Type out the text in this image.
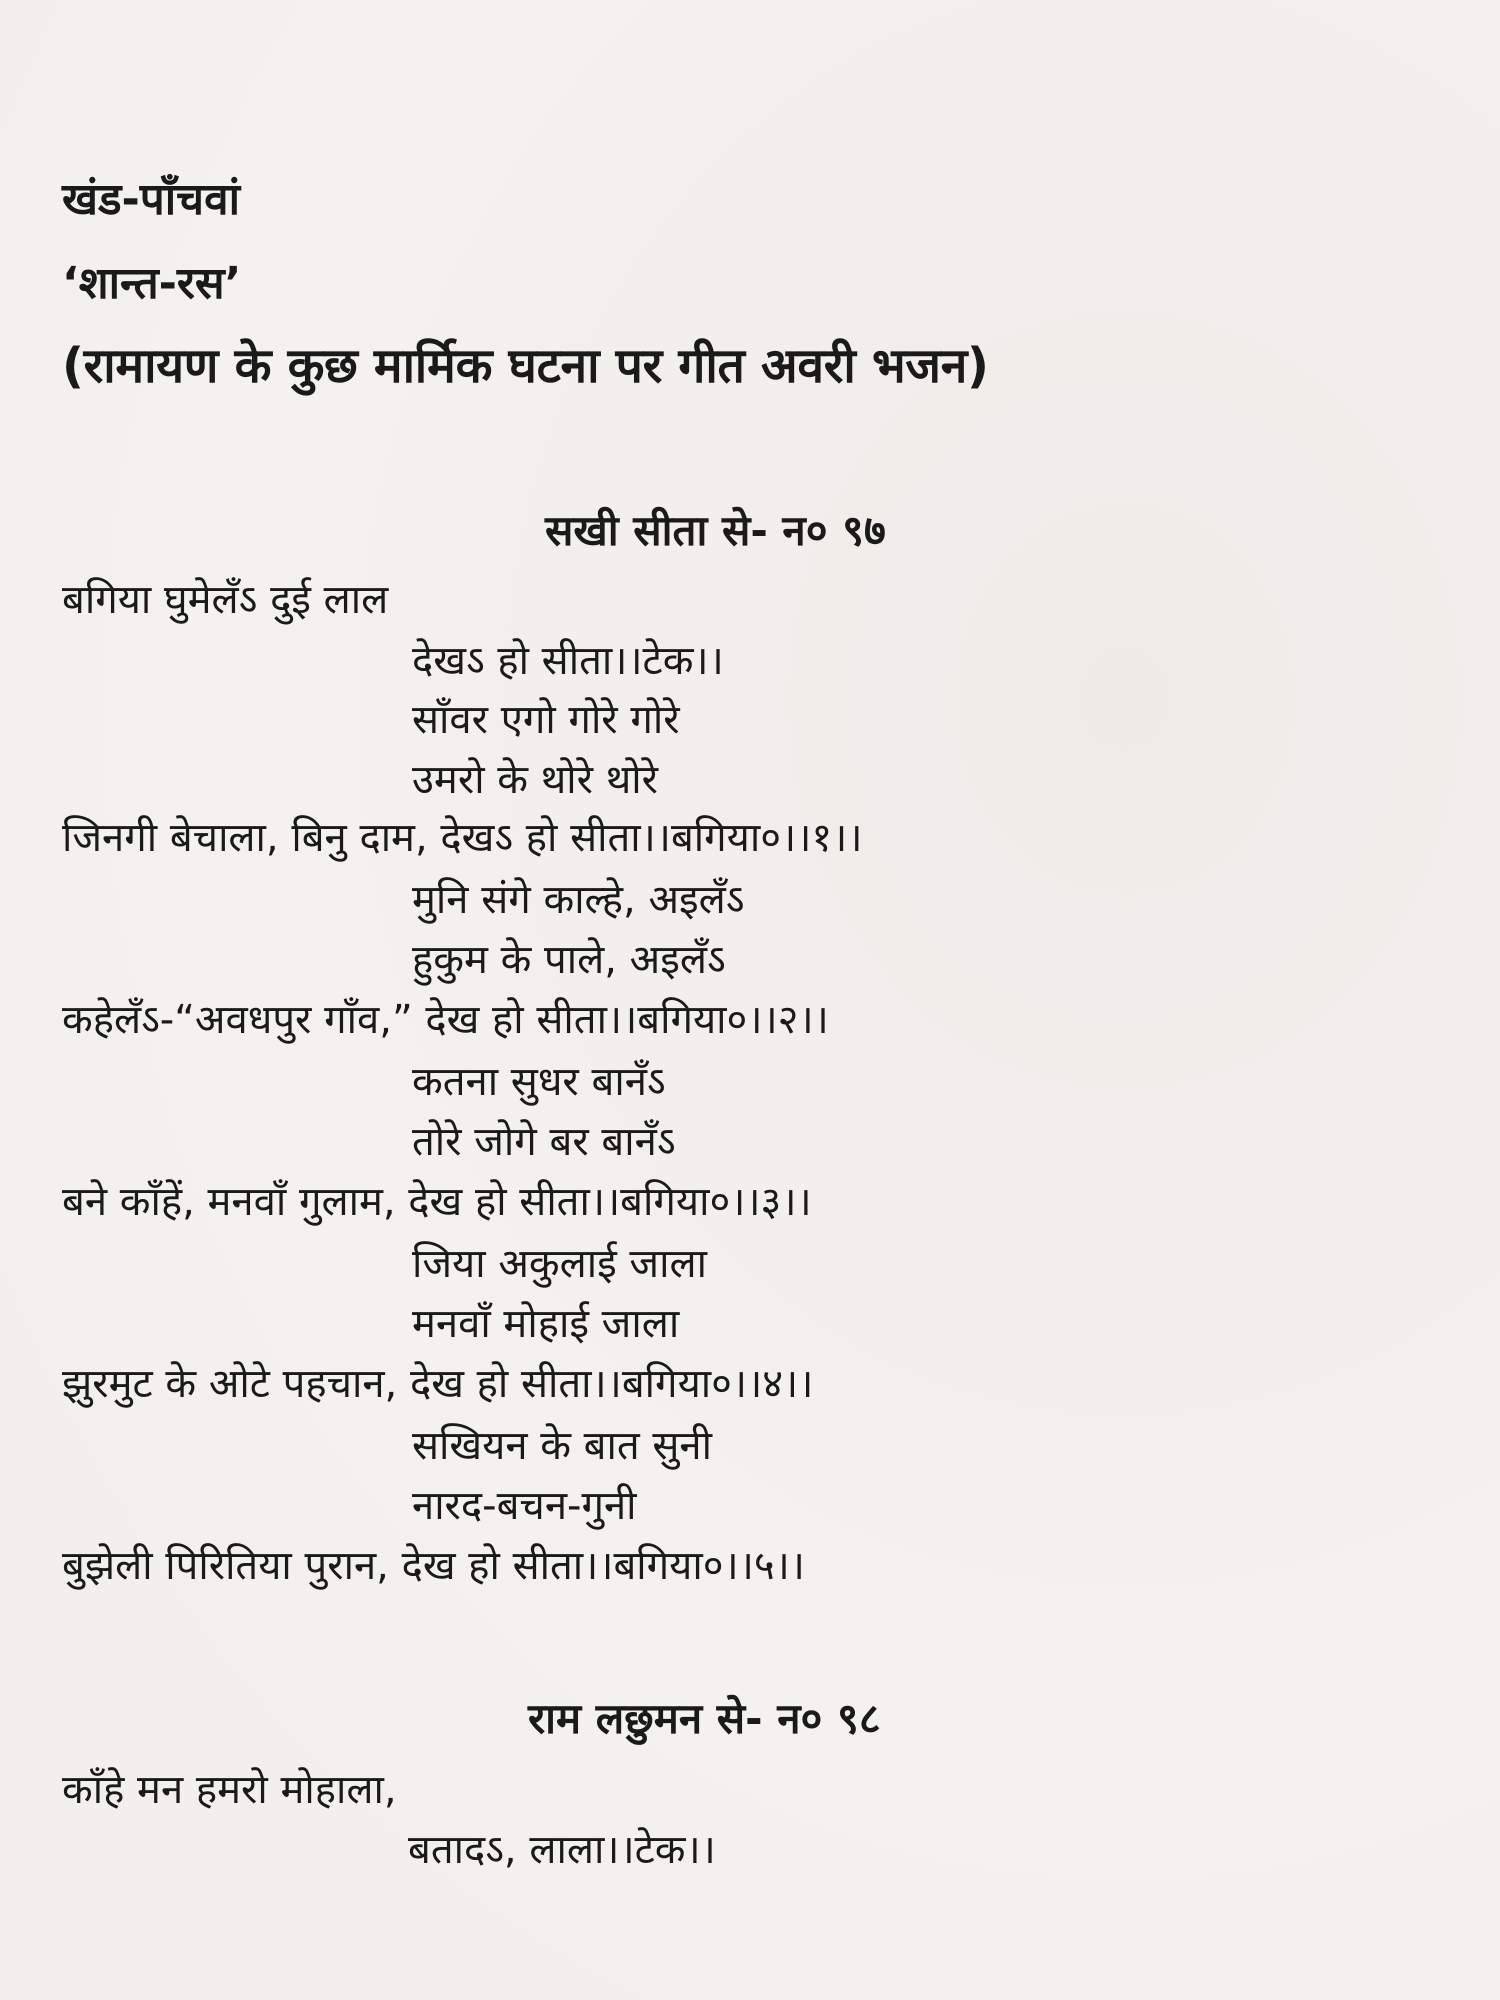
खंड-पाँचवां
‘शान्त-रस’
(रामायण के कुछ मार्मिक घटना पर गीत अवरी भजन)
सखी सीता से- न० ९७
बगिया घुमेलँऽ दुई लाल
देखऽ हो सीता।।टेक।।
साँवर एगो गोरे गोरे
उमरो के थोरे थोरे
जिनगी बेचाला, बिनु दाम, देखऽ हो सीता।।बगिया०।।१।।
मुनि संगे काल्हे, अइलँऽ
हुकुम के पाले, अइलँऽ
कहेलँऽ-“अवधपुर गाँव,” देख हो सीता।।बगिया०।।२।।
कतना सुधर बानँऽ
तोरे जोगे बर बानँऽ
बने काँहें, मनवाँ गुलाम, देख हो सीता।।बगिया०।।३।।
जिया अकुलाई जाला
मनवाँ मोहाई जाला
झुरमुट के ओटे पहचान, देख हो सीता।।बगिया०।।४।।
सखियन के बात सुनी
नारद-बचन-गुनी
बुझेली पिरितिया पुरान, देख हो सीता।।बगिया०।।५।।
राम लछुमन से- न० ९८
काँहे मन हमरो मोहाला,
बतादऽ, लाला।।टेक।।
